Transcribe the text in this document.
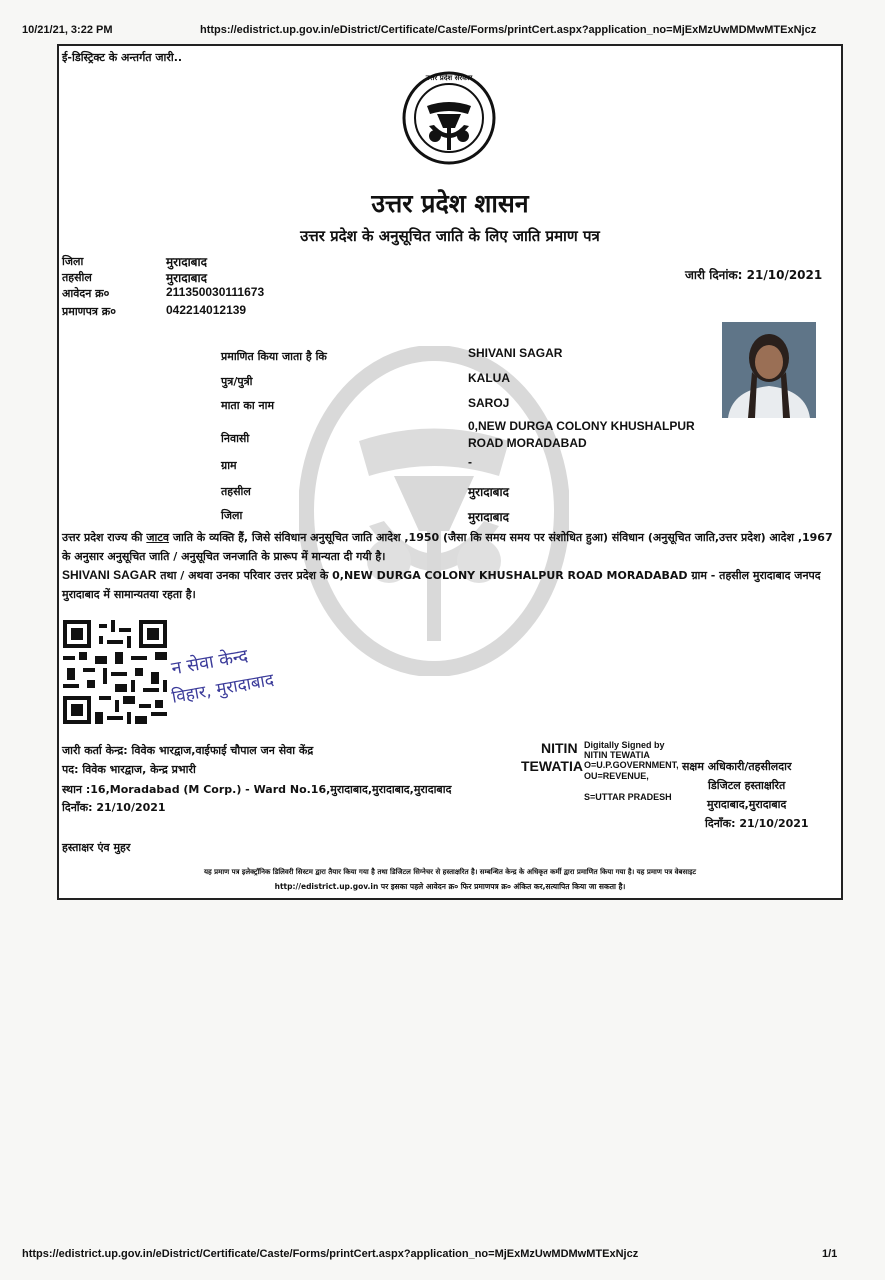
10/21/21, 3:22 PM	https://edistrict.up.gov.in/eDistrict/Certificate/Caste/Forms/printCert.aspx?application_no=MjExMzUwMDMwMTExNjcz
ई-डिस्ट्रिक्ट के अन्तर्गत जारी..
उत्तर प्रदेश सरकार
उत्तर प्रदेश शासन
उत्तर प्रदेश के अनुसूचित जाति के लिए जाति प्रमाण पत्र
जिला	मुरादाबाद
तहसील	मुरादाबाद
आवेदन क्र०	211350030111673
प्रमाणपत्र क्र०	042214012139
जारी दिनांक: 21/10/2021
प्रमाणित किया जाता है कि	SHIVANI SAGAR
पुत्र/पुत्री	KALUA
माता का नाम	SAROJ
निवासी
0,NEW DURGA COLONY KHUSHALPUR ROAD MORADABAD
ग्राम	-
तहसील	मुरादाबाद
जिला	मुरादाबाद
उत्तर प्रदेश राज्य की जाटव जाति के व्यक्ति हैं, जिसे संविधान अनुसूचित जाति आदेश ,1950 (जैसा कि समय समय पर संशोधित हुआ) संविधान (अनुसूचित जाति,उत्तर प्रदेश) आदेश ,1967 के अनुसार अनुसूचित जाति / अनुसूचित जनजाति के प्रारूप में मान्यता दी गयी है।
SHIVANI SAGAR तथा / अथवा उनका परिवार उत्तर प्रदेश के 0,NEW DURGA COLONY KHUSHALPUR ROAD MORADABAD ग्राम - तहसील मुरादाबाद जनपद मुरादाबाद में सामान्यतया रहता है।
न सेवा केन्द
विहार, मुरादाबाद
जारी कर्ता केन्द्र: विवेक भारद्वाज,वाईफाई चौपाल जन सेवा केंद्र
पद: विवेक भारद्वाज, केन्द्र प्रभारी
स्थान :16,Moradabad (M Corp.) - Ward No.16,मुरादाबाद,मुरादाबाद,मुरादाबाद
दिनाँक: 21/10/2021
हस्ताक्षर एंव मुहर
NITIN
TEWATIA
Digitally Signed by
NITIN TEWATIA
O=U.P.GOVERNMENT,
OU=REVENUE,
S=UTTAR PRADESH
सक्षम अधिकारी/तहसीलदार
डिजिटल हस्ताक्षरित
मुरादाबाद,मुरादाबाद
दिनाँक: 21/10/2021
यह प्रमाण पत्र इलेक्ट्रॉनिक डिलिवरी सिस्टम द्वारा तैयार किया गया है तथा डिजिटल सिग्नेचर से हस्ताक्षरित है। सम्बन्धित केन्द्र के अधिकृत कर्मी द्वारा प्रमाणित किया गया है। यह प्रमाण पत्र वेबसाइट
http://edistrict.up.gov.in पर इसका पहले आवेदन क्र० फिर प्रमाणपत्र क्र० अंकित कर,सत्यापित किया जा सकता है।
https://edistrict.up.gov.in/eDistrict/Certificate/Caste/Forms/printCert.aspx?application_no=MjExMzUwMDMwMTExNjcz	1/1
